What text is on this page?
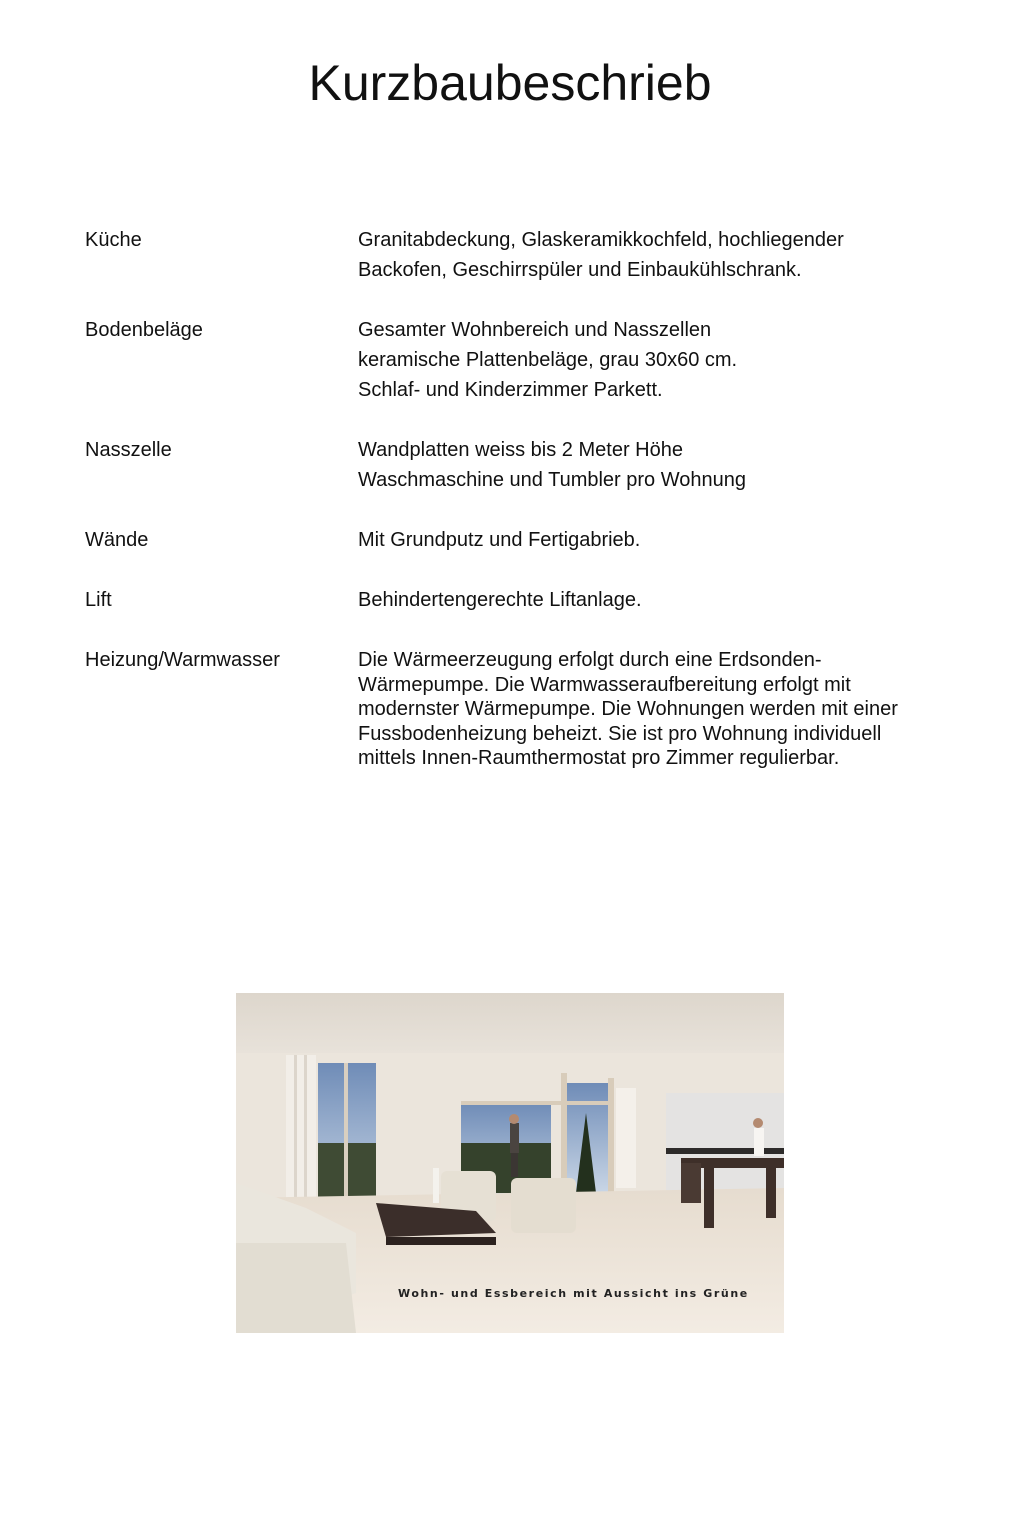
Kurzbaubeschrieb
Küche	Granitabdeckung, Glaskeramikkochfeld, hochliegender
Backofen, Geschirrspüler und Einbaukühlschrank.
Bodenbeläge	Gesamter Wohnbereich und Nasszellen
keramische Plattenbeläge, grau 30x60 cm.
Schlaf- und Kinderzimmer Parkett.
Nasszelle	Wandplatten weiss bis 2 Meter Höhe
Waschmaschine und Tumbler pro Wohnung
Wände	Mit Grundputz und Fertigabrieb.
Lift	Behindertengerechte Liftanlage.
Heizung/Warmwasser	Die Wärmeerzeugung erfolgt durch eine Erdsonden-Wärmepumpe. Die Warmwasseraufbereitung erfolgt mit modernster Wärmepumpe. Die Wohnungen werden mit einer Fussbodenheizung beheizt. Sie ist pro Wohnung individuell mittels Innen-Raumthermostat pro Zimmer regulierbar.
Wohn- und Essbereich mit Aussicht ins Grüne
